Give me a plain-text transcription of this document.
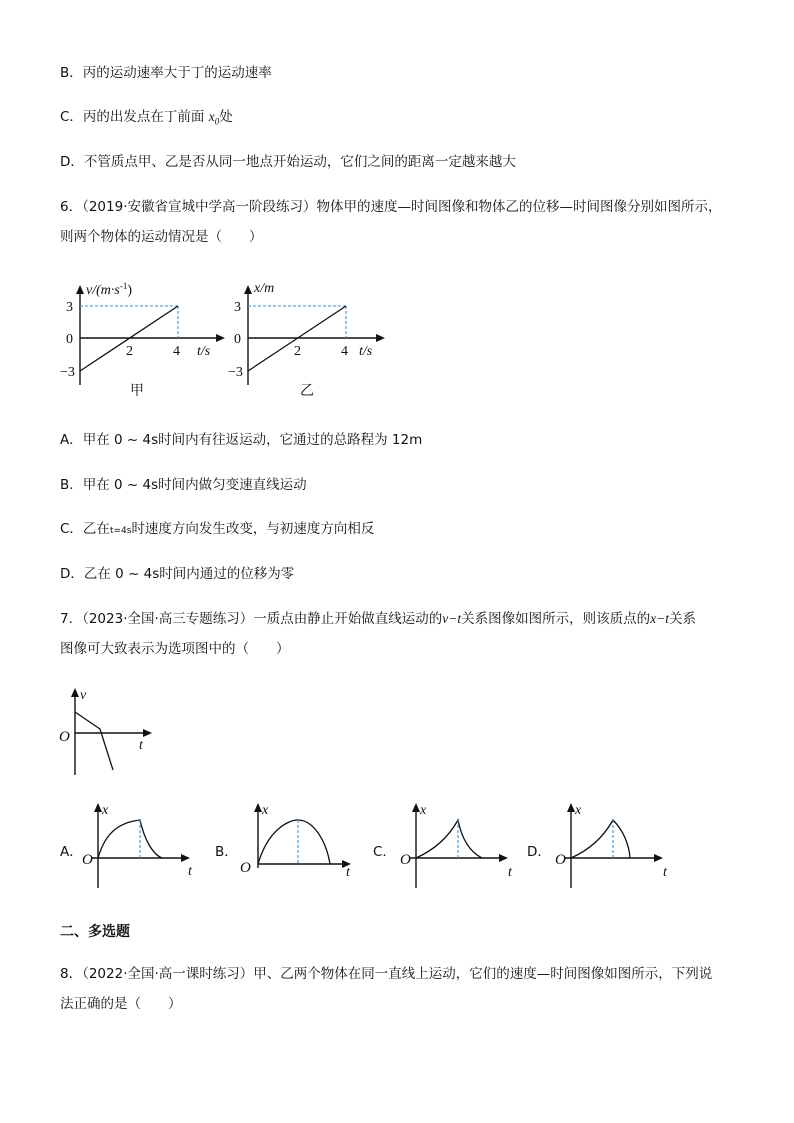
B．丙的运动速率大于丁的运动速率
C．丙的出发点在丁前面 $x_0$处
D．不管质点甲、乙是否从同一地点开始运动，它们之间的距离一定越来越大
6．（2019·安徽省宣城中学高一阶段练习）物体甲的速度—时间图像和物体乙的位移—时间图像分别如图所示，
则两个物体的运动情况是（　　）
$v/(m\cdot s^{-1})$
3
0
−3
2	4 t/s
甲
x/m
3
0
−3
2	4 t/s
乙
A．甲在 0 ~ 4s时间内有往返运动，它通过的总路程为 12m
B．甲在 0 ~ 4s时间内做匀变速直线运动
C．乙在t=4s时速度方向发生改变，与初速度方向相反
D．乙在 0 ~ 4s时间内通过的位移为零
7．（2023·全国·高三专题练习）一质点由静止开始做直线运动的v−t关系图像如图所示，则该质点的x−t关系
图像可大致表示为选项图中的（　　）
v
O
t
A．
x
O
t
B．
x
O	t
C．
x
O
t
D．
x
O
t
二、多选题
8．（2022·全国·高一课时练习）甲、乙两个物体在同一直线上运动，它们的速度—时间图像如图所示，下列说
法正确的是（　　）
